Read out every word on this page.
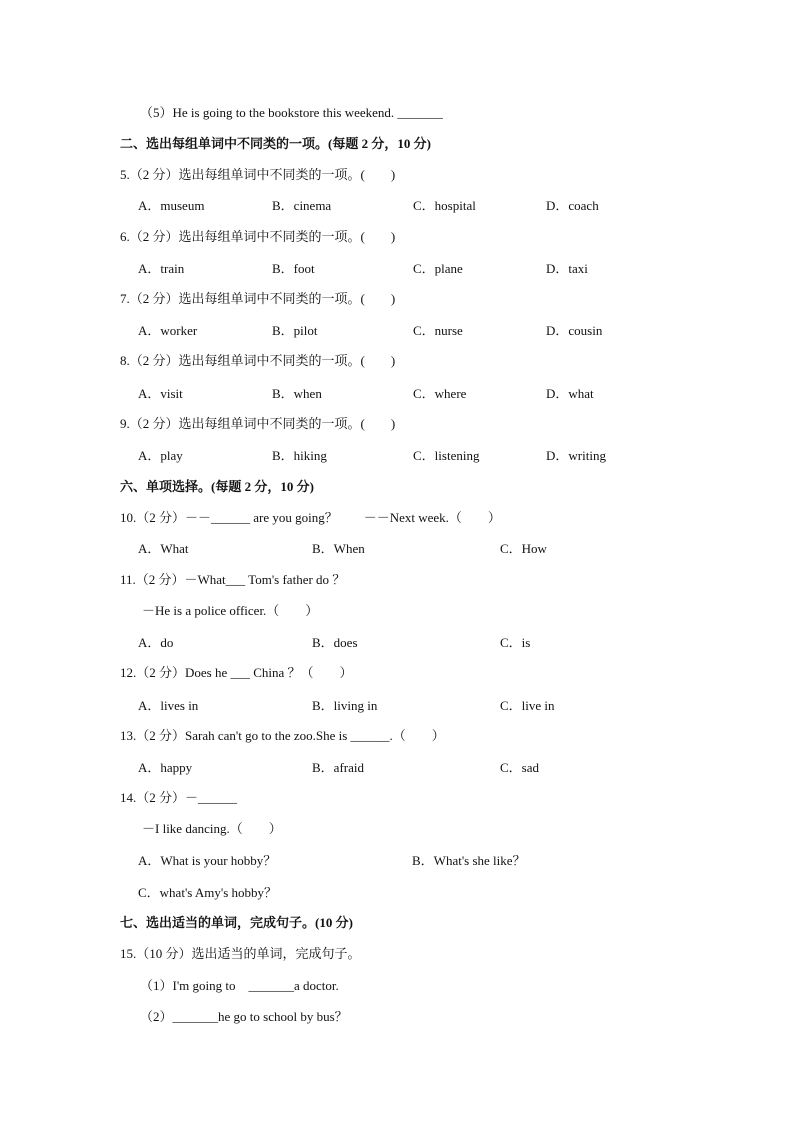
（5）He is going to the bookstore this weekend. _______
二、选出每组单词中不同类的一项。(每题 2 分，10 分)
5.（2 分）选出每组单词中不同类的一项。(　　)
A．museum	B．cinema	C．hospital	D．coach
6.（2 分）选出每组单词中不同类的一项。(　　)
A．train	B．foot	C．plane	D．taxi
7.（2 分）选出每组单词中不同类的一项。(　　)
A．worker	B．pilot	C．nurse	D．cousin
8.（2 分）选出每组单词中不同类的一项。(　　)
A．visit	B．when	C．where	D．what
9.（2 分）选出每组单词中不同类的一项。(　　)
A．play	B．hiking	C．listening	D．writing
六、单项选择。(每题 2 分，10 分)
10.（2 分）－－______ are you going？　　－－Next week.（　　）
A．What	B．When	C．How
11.（2 分）－What___ Tom's father do ？
－He is a police officer.（　　）
A．do	B．does	C．is
12.（2 分）Does he ___ China ？（　　）
A．lives in	B．living in	C．live in
13.（2 分）Sarah can't go to the zoo.She is ______.（　　）
A．happy	B．afraid	C．sad
14.（2 分）－______
－I like dancing.（　　）
A．What is your hobby？	B．What's she like？
C．what's Amy's hobby？
七、选出适当的单词，完成句子。(10 分)
15.（10 分）选出适当的单词，完成句子。
（1）I'm going to　_______a doctor.
（2）_______he go to school by bus？
